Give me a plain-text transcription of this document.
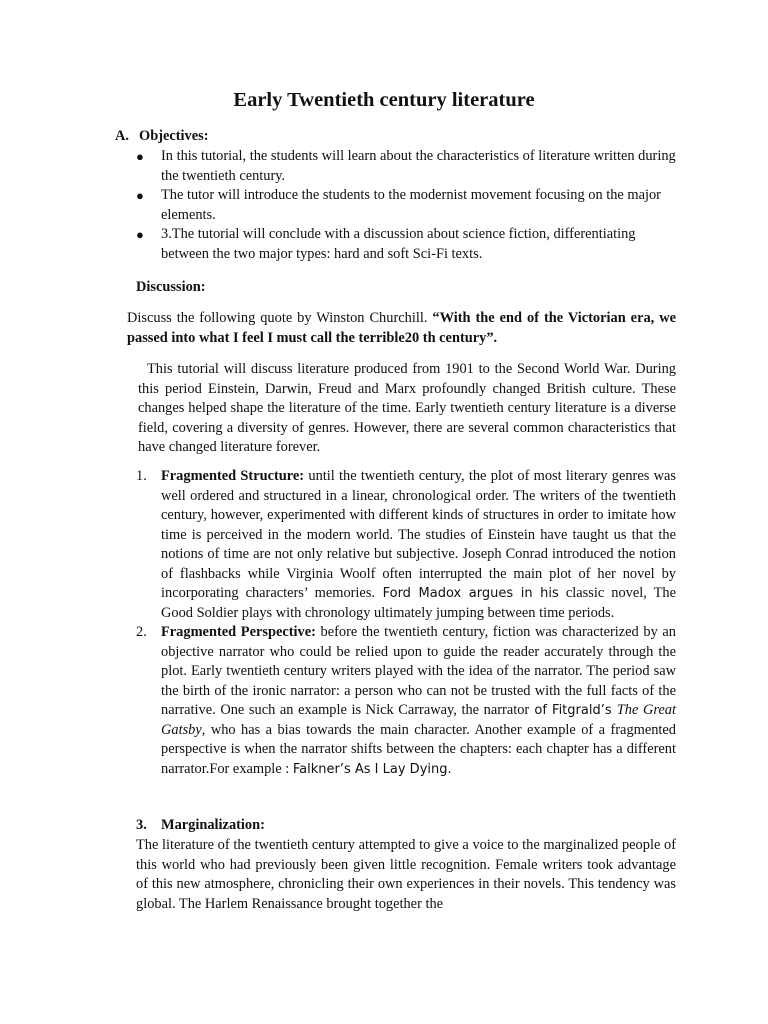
Early Twentieth century literature
A. Objectives:
● In this tutorial, the students will learn about the characteristics of literature written during the twentieth century.
● The tutor will introduce the students to the modernist movement focusing on the major elements.
● 3.The tutorial will conclude with a discussion about science fiction, differentiating between the two major types: hard and soft Sci-Fi texts.
Discussion:
Discuss the following quote by Winston Churchill. “With the end of the Victorian era, we passed into what I feel I must call the terrible20 th century”.
This tutorial will discuss literature produced from 1901 to the Second World War. During this period Einstein, Darwin, Freud and Marx profoundly changed British culture. These changes helped shape the literature of the time. Early twentieth century literature is a diverse field, covering a diversity of genres. However, there are several common characteristics that have changed literature forever.
1. Fragmented Structure: until the twentieth century, the plot of most literary genres was well ordered and structured in a linear, chronological order. The writers of the twentieth century, however, experimented with different kinds of structures in order to imitate how time is perceived in the modern world. The studies of Einstein have taught us that the notions of time are not only relative but subjective. Joseph Conrad introduced the notion of flashbacks while Virginia Woolf often interrupted the main plot of her novel by incorporating characters’ memories. Ford Madox argues in his classic novel, The Good Soldier plays with chronology ultimately jumping between time periods.
2. Fragmented Perspective: before the twentieth century, fiction was characterized by an objective narrator who could be relied upon to guide the reader accurately through the plot. Early twentieth century writers played with the idea of the narrator. The period saw the birth of the ironic narrator: a person who can not be trusted with the full facts of the narrative. One such an example is Nick Carraway, the narrator of Fitgrald’s The Great Gatsby, who has a bias towards the main character. Another example of a fragmented perspective is when the narrator shifts between the chapters: each chapter has a different narrator.For example : Falkner’s As I Lay Dying.
3. Marginalization:
The literature of the twentieth century attempted to give a voice to the marginalized people of this world who had previously been given little recognition. Female writers took advantage of this new atmosphere, chronicling their own experiences in their novels. This tendency was global. The Harlem Renaissance brought together the
